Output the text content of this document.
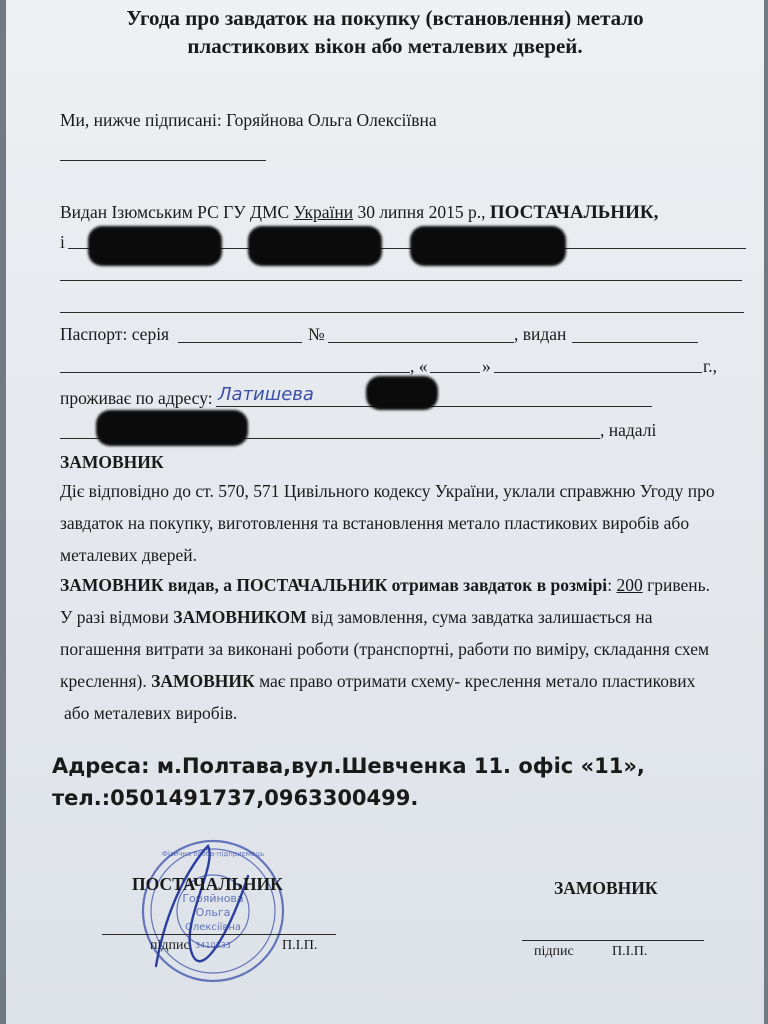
Угода про завдаток на покупку (встановлення) метало
пластикових вікон або металевих дверей.
Ми, нижче підписані: Горяйнова Ольга Олексіївна
Видан Ізюмським РС ГУ ДМС України 30 липня 2015 р., ПОСТАЧАЛЬНИК,
і
Паспорт: серія	№	, видан
, «	»	г.,
проживає по адресу: Латишева
, надалі
ЗАМОВНИК
Діє відповідно до ст. 570, 571 Цивільного кодексу України, уклали справжню Угоду про
завдаток на покупку, виготовлення та встановлення метало пластикових виробів або
металевих дверей.
ЗАМОВНИК видав, а ПОСТАЧАЛЬНИК отримав завдаток в розмірі: 200 гривень.
У разі відмови ЗАМОВНИКОМ від замовлення, сума завдатка залишається на
погашення витрати за виконані роботи (транспортні, работи по виміру, складання схем
креслення). ЗАМОВНИК має право отримати схему- креслення метало пластикових
або металевих виробів.
Адреса: м.Полтава,вул.Шевченка 11. офіс «11»,
тел.:0501491737,0963300499.
Горяйнова
Ольга
Олексіївна
3410333
Фізична особа-підприємець
ПОСТАЧАЛЬНИК
підпис	П.І.П.
ЗАМОВНИК
підпис	П.І.П.
